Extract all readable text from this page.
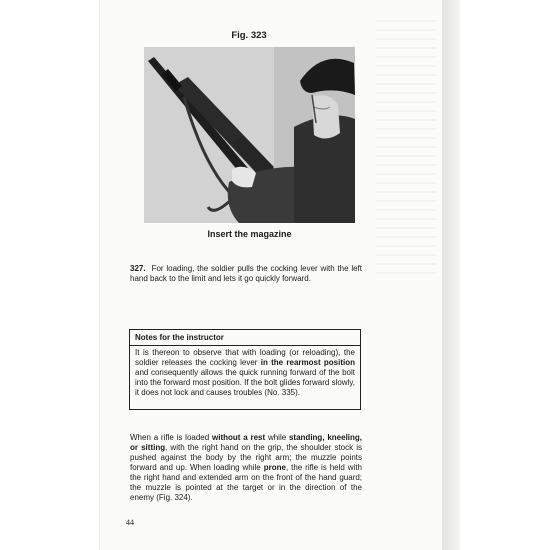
Fig. 323
Insert the magazine
327. For loading, the soldier pulls the cocking lever with the left hand back to the limit and lets it go quickly forward.
Notes for the instructor
It is thereon to observe that with loading (or reloading), the soldier releases the cocking lever in the rearmost position and consequently allows the quick running forward of the bolt into the forward most position. If the bolt glides forward slowly, it does not lock and causes troubles (No. 335).
When a rifle is loaded without a rest while standing, kneeling, or sitting, with the right hand on the grip, the shoulder stock is pushed against the body by the right arm; the muzzle points forward and up. When loading while prone, the rifle is held with the right hand and extended arm on the front of the hand guard; the muzzle is pointed at the target or in the direction of the enemy (Fig. 324).
44
